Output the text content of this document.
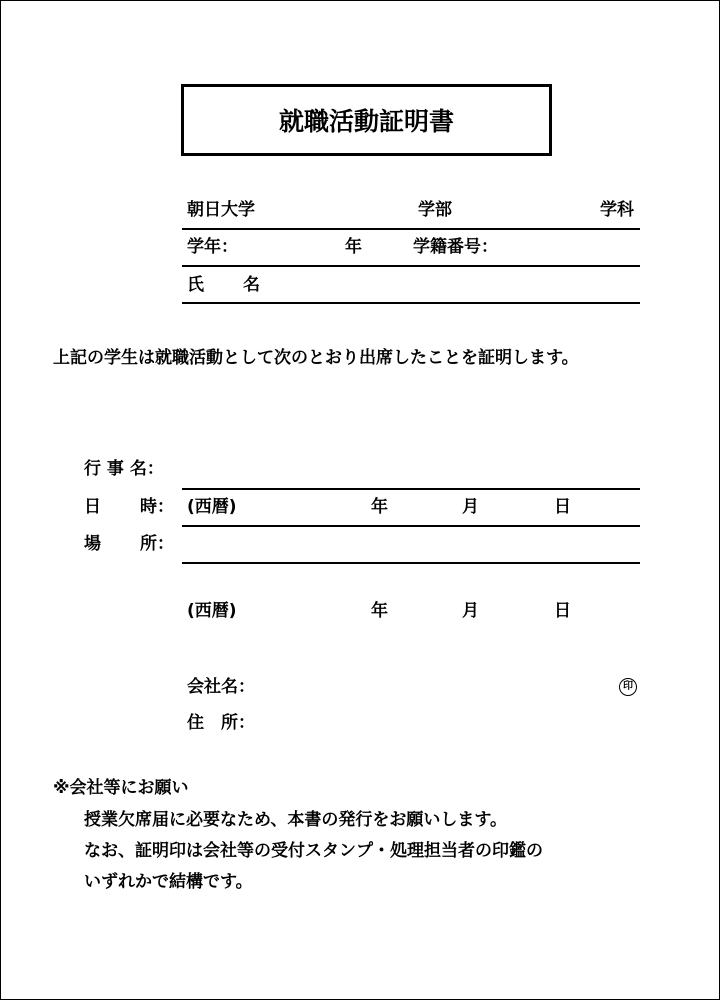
就職活動証明書
朝日大学	学部	学科
学年：	年	学籍番号：
氏 名
上記の学生は就職活動として次のとおり出席したことを証明します。
行 事 名：
日 時： (西暦)	年	月	日
場 所：
(西暦)	年	月	日
会社名：	印
住　所：
※会社等にお願い
授業欠席届に必要なため、本書の発行をお願いします。
なお、証明印は会社等の受付スタンプ・処理担当者の印鑑の
いずれかで結構です。
